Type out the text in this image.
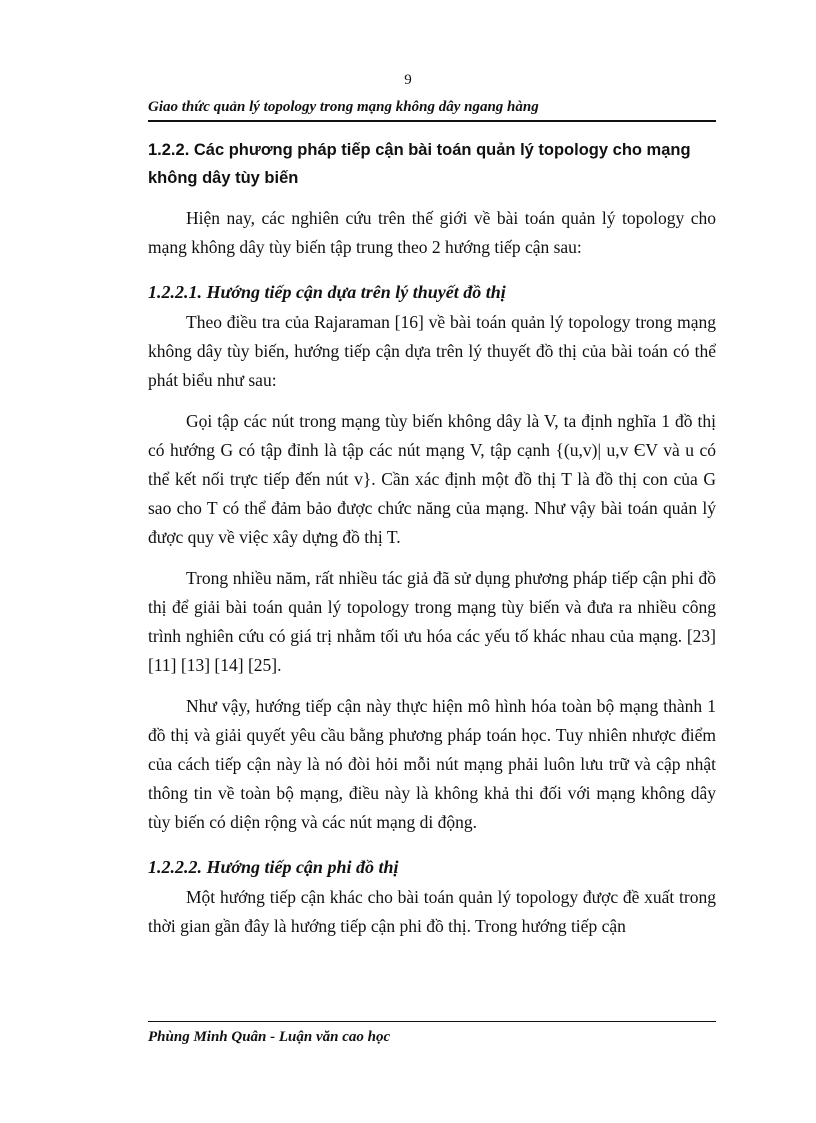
9
Giao thức quản lý topology trong mạng không dây ngang hàng
1.2.2. Các phương pháp tiếp cận bài toán quản lý topology cho mạng không dây tùy biến

Hiện nay, các nghiên cứu trên thế giới về bài toán quản lý topology cho mạng không dây tùy biến tập trung theo 2 hướng tiếp cận sau:

1.2.2.1. Hướng tiếp cận dựa trên lý thuyết đồ thị

Theo điều tra của Rajaraman [16] về bài toán quản lý topology trong mạng không dây tùy biến, hướng tiếp cận dựa trên lý thuyết đồ thị của bài toán có thể phát biểu như sau:

Gọi tập các nút trong mạng tùy biến không dây là V, ta định nghĩa 1 đồ thị có hướng G có tập đỉnh là tập các nút mạng V, tập cạnh {(u,v)| u,v ЄV và u có thể kết nối trực tiếp đến nút v}. Cần xác định một đồ thị T là đồ thị con của G sao cho T có thể đảm bảo được chức năng của mạng. Như vậy bài toán quản lý được quy về việc xây dựng đồ thị T.

Trong nhiều năm, rất nhiều tác giả đã sử dụng phương pháp tiếp cận phi đồ thị để giải bài toán quản lý topology trong mạng tùy biến và đưa ra nhiều công trình nghiên cứu có giá trị nhằm tối ưu hóa các yếu tố khác nhau của mạng. [23] [11] [13] [14] [25].

Như vậy, hướng tiếp cận này thực hiện mô hình hóa toàn bộ mạng thành 1 đồ thị và giải quyết yêu cầu bằng phương pháp toán học. Tuy nhiên nhược điểm của cách tiếp cận này là nó đòi hỏi mỗi nút mạng phải luôn lưu trữ và cập nhật thông tin về toàn bộ mạng, điều này là không khả thi đối với mạng không dây tùy biến có diện rộng và các nút mạng di động.

1.2.2.2. Hướng tiếp cận phi đồ thị

Một hướng tiếp cận khác cho bài toán quản lý topology được đề xuất trong thời gian gần đây là hướng tiếp cận phi đồ thị. Trong hướng tiếp cận

Phùng Minh Quân - Luận văn cao học
